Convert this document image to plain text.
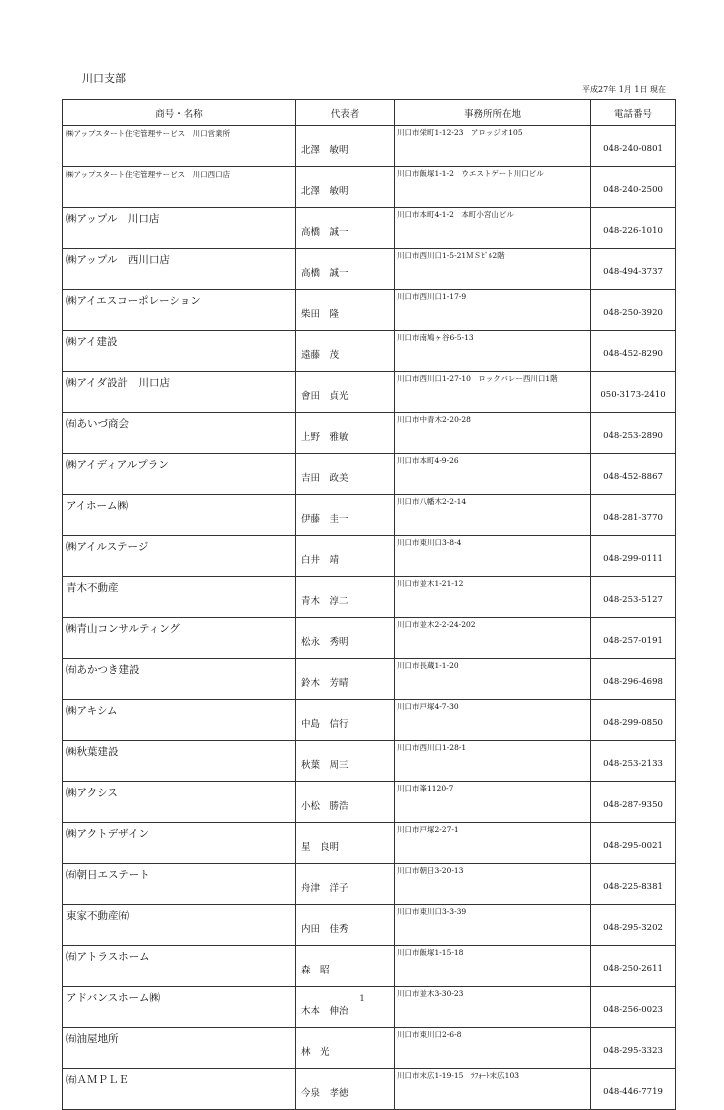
川口支部
平成27年 1月 1日 現在
商号・名称	代表者	事務所所在地	電話番号
㈱アップスタート住宅管理サービス　川口営業所	北澤　敏明	川口市栄町1-12-23　アロッジオ105	048-240-0801
㈱アップスタート住宅管理サービス　川口西口店	北澤　敏明	川口市飯塚1-1-2　ウエストゲート川口ビル	048-240-2500
㈱アップル　川口店	高橋　誠一	川口市本町4-1-2　本町小宮山ビル	048-226-1010
㈱アップル　西川口店	高橋　誠一	川口市西川口1-5-21ＭＳﾋﾞﾙ2階	048-494-3737
㈱アイエスコーポレーション	柴田　隆	川口市西川口1-17-9	048-250-3920
㈱アイ建設	遠藤　茂	川口市南鳩ヶ谷6-5-13	048-452-8290
㈱アイダ設計　川口店	會田　貞光	川口市西川口1-27-10　ロックバレー西川口1階	050-3173-2410
㈲あいづ商会	上野　雅敏	川口市中青木2-20-28	048-253-2890
㈱アイディアルプラン	吉田　政美	川口市本町4-9-26	048-452-8867
アイホーム㈱	伊藤　圭一	川口市八幡木2-2-14	048-281-3770
㈱アイルステージ	白井　靖	川口市東川口3-8-4	048-299-0111
青木不動産	青木　淳二	川口市並木1-21-12	048-253-5127
㈱青山コンサルティング	松永　秀明	川口市並木2-2-24-202	048-257-0191
㈲あかつき建設	鈴木　芳晴	川口市長蔵1-1-20	048-296-4698
㈱アキシム	中島　信行	川口市戸塚4-7-30	048-299-0850
㈱秋葉建設	秋葉　周三	川口市西川口1-28-1	048-253-2133
㈱アクシス	小松　勝浩	川口市峯1120-7	048-287-9350
㈱アクトデザイン	星　良明	川口市戸塚2-27-1	048-295-0021
㈲朝日エステート	舟津　洋子	川口市朝日3-20-13	048-225-8381
東家不動産㈲	内田　佳秀	川口市東川口3-3-39	048-295-3202
㈲アトラスホーム	森　昭	川口市飯塚1-15-18	048-250-2611
アドバンスホーム㈱	木本　伸治	川口市並木3-30-23	048-256-0023
㈲油屋地所	林　光	川口市東川口2-6-8	048-295-3323
㈲ＡＭＰＬＥ	今泉　孝徳	川口市末広1-19-15　ﾗﾌｫｰﾄ末広103	048-446-7719
1
